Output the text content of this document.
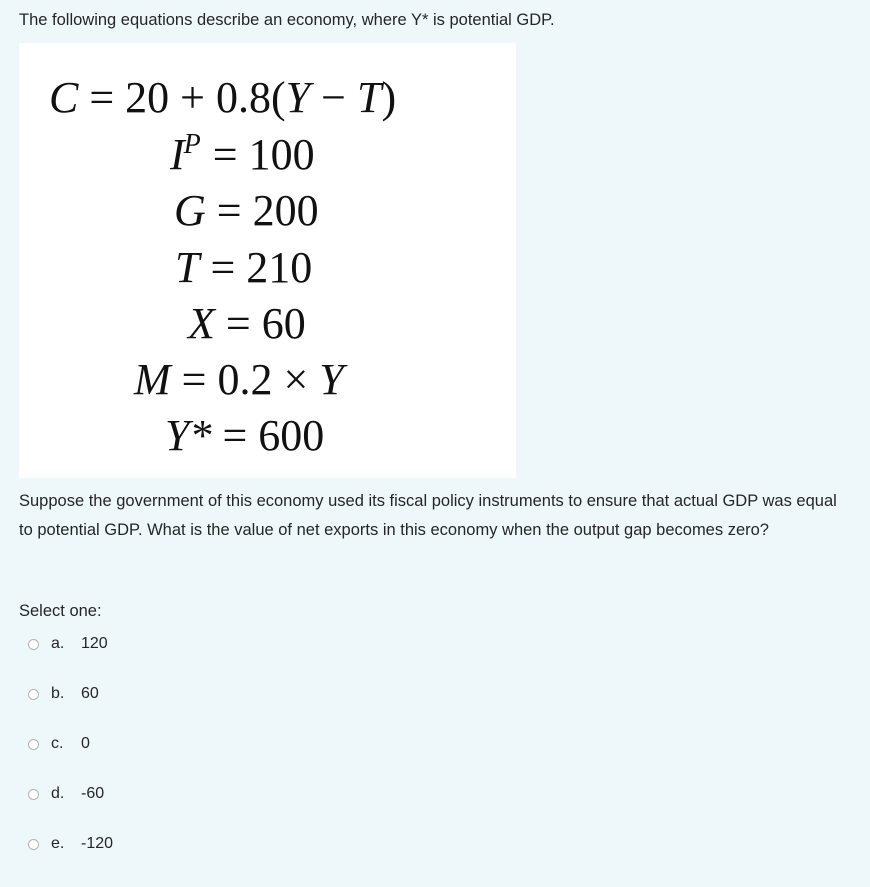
The following equations describe an economy, where Y* is potential GDP.

C = 20 + 0.8(Y − T)
$I^P = 100$
G = 200
T = 210
X = 60
M = 0.2 × Y
Y* = 600

Suppose the government of this economy used its fiscal policy instruments to ensure that actual GDP was equal to potential GDP. What is the value of net exports in this economy when the output gap becomes zero?

Select one:

a.	120
b.	60
c.	0
d.	-60
e.	-120
